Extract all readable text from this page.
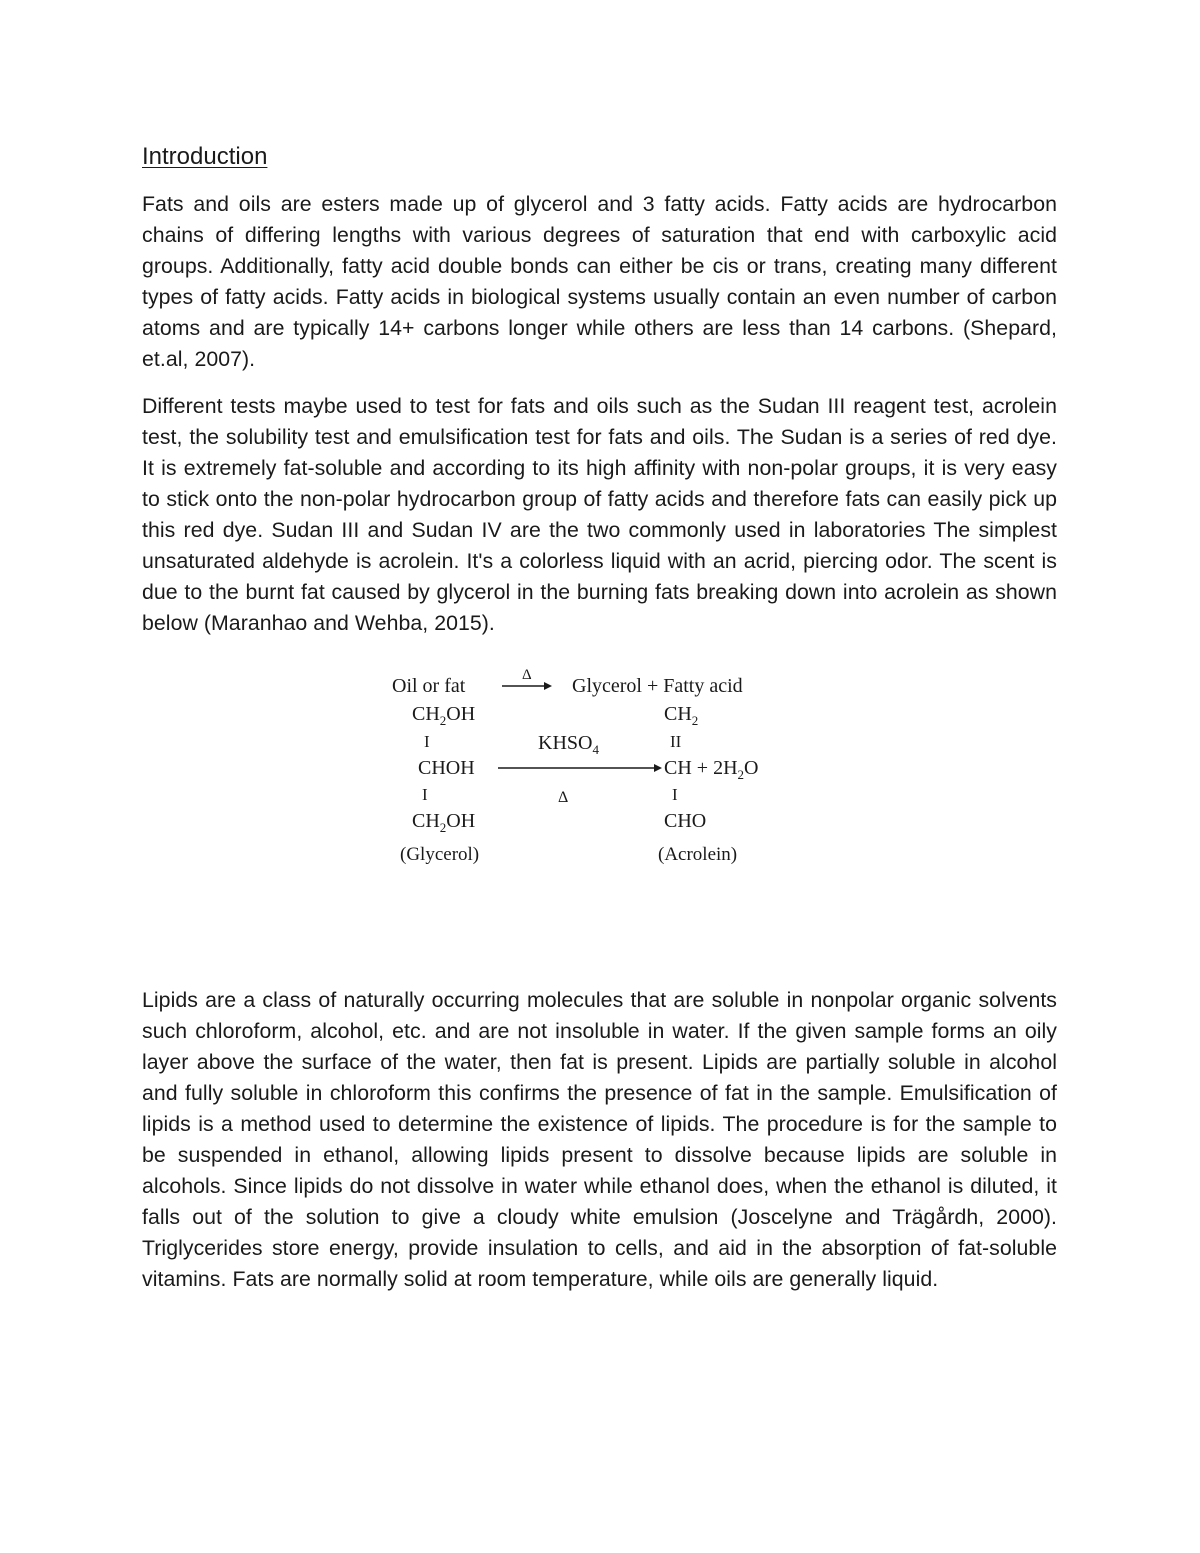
Introduction

Fats and oils are esters made up of glycerol and 3 fatty acids. Fatty acids are hydrocarbon chains of differing lengths with various degrees of saturation that end with carboxylic acid groups. Additionally, fatty acid double bonds can either be cis or trans, creating many different types of fatty acids. Fatty acids in biological systems usually contain an even number of carbon atoms and are typically 14+ carbons longer while others are less than 14 carbons. (Shepard, et.al, 2007).

Different tests maybe used to test for fats and oils such as the Sudan III reagent test, acrolein test, the solubility test and emulsification test for fats and oils. The Sudan is a series of red dye. It is extremely fat-soluble and according to its high affinity with non-polar groups, it is very easy to stick onto the non-polar hydrocarbon group of fatty acids and therefore fats can easily pick up this red dye. Sudan III and Sudan IV are the two commonly used in laboratories The simplest unsaturated aldehyde is acrolein. It's a colorless liquid with an acrid, piercing odor. The scent is due to the burnt fat caused by glycerol in the burning fats breaking down into acrolein as shown below (Maranhao and Wehba, 2015).

Oil or fat	Δ Glycerol + Fatty acid
$CH_2OH$
I
CHOH
I
$CH_2OH$
(Glycerol)
$KHSO_4$
Δ
$CH_2$
II
CH + $2H_2O$
I
CHO
(Acrolein)

Lipids are a class of naturally occurring molecules that are soluble in nonpolar organic solvents such chloroform, alcohol, etc. and are not insoluble in water. If the given sample forms an oily layer above the surface of the water, then fat is present. Lipids are partially soluble in alcohol and fully soluble in chloroform this confirms the presence of fat in the sample. Emulsification of lipids is a method used to determine the existence of lipids. The procedure is for the sample to be suspended in ethanol, allowing lipids present to dissolve because lipids are soluble in alcohols. Since lipids do not dissolve in water while ethanol does, when the ethanol is diluted, it falls out of the solution to give a cloudy white emulsion (Joscelyne and Trägårdh, 2000). Triglycerides store energy, provide insulation to cells, and aid in the absorption of fat-soluble vitamins. Fats are normally solid at room temperature, while oils are generally liquid.
